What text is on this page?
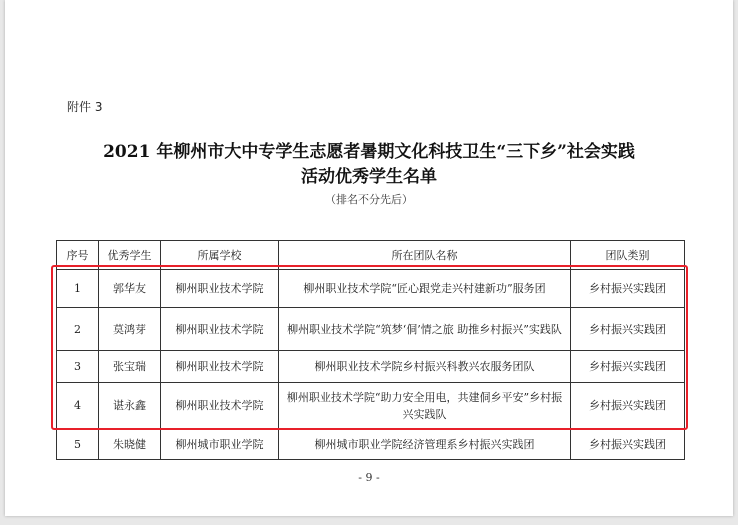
附件 3
2021 年柳州市大中专学生志愿者暑期文化科技卫生“三下乡”社会实践
活动优秀学生名单
（排名不分先后）
序号	优秀学生	所属学校	所在团队名称	团队类别
1	郭华友	柳州职业技术学院	柳州职业技术学院“匠心跟党走兴村建新功”服务团	乡村振兴实践团
2	莫鸿芽	柳州职业技术学院	柳州职业技术学院“筑梦‘侗’情之旅 助推乡村振兴”实践队	乡村振兴实践团
3	张宝瑞	柳州职业技术学院	柳州职业技术学院乡村振兴科教兴农服务团队	乡村振兴实践团
4	谌永鑫	柳州职业技术学院	柳州职业技术学院“助力安全用电，共建侗乡平安”乡村振兴实践队	乡村振兴实践团
5	朱晓健	柳州城市职业学院	柳州城市职业学院经济管理系乡村振兴实践团	乡村振兴实践团
- 9 -
